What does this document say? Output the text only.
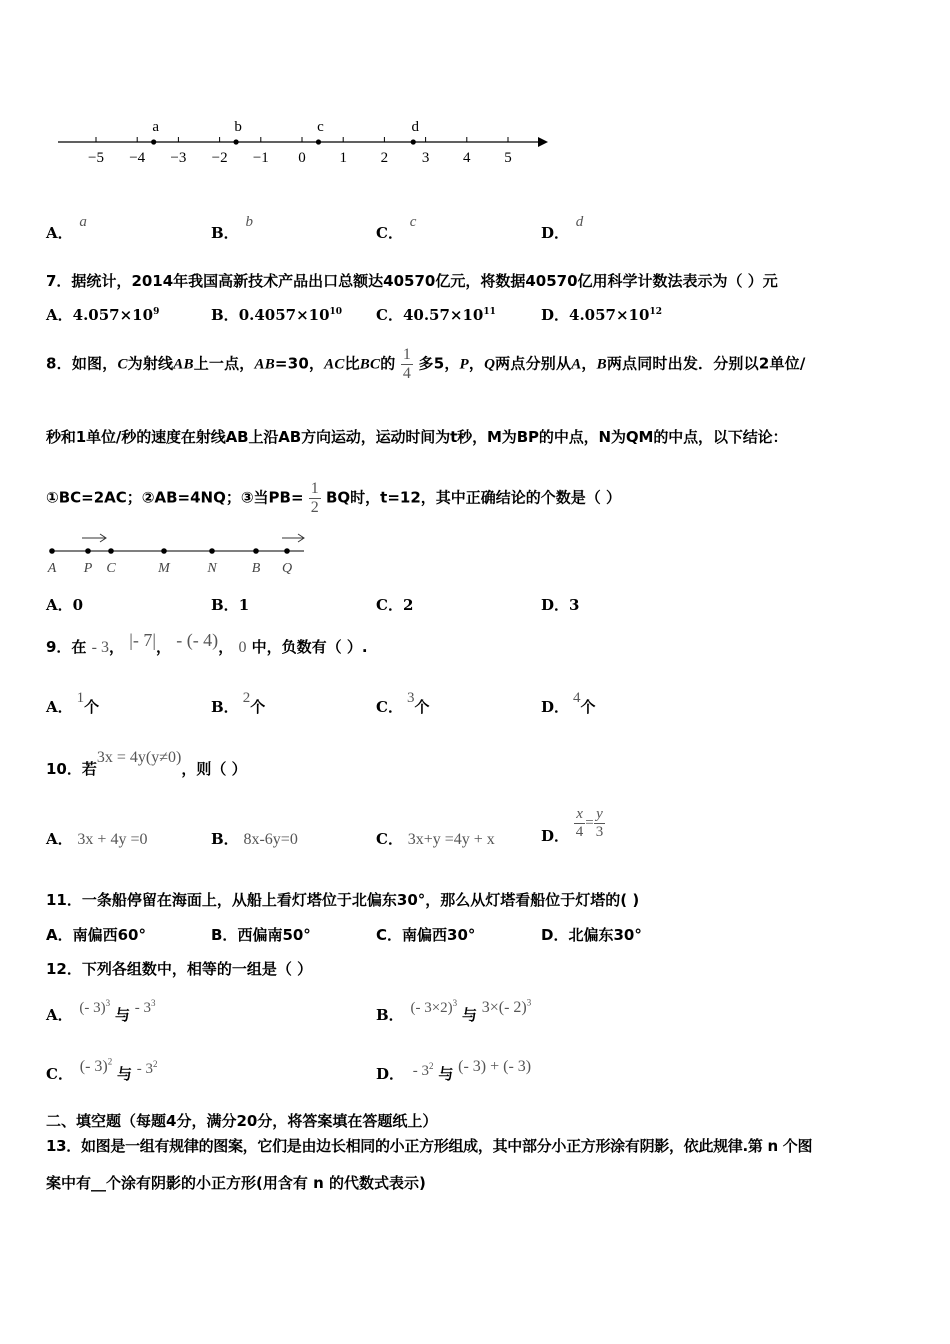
−5 −4 −3 −2 −1 0 1 2 3 4 5
a	b	c	d
A． a
B． b
C． c
D． d
7．据统计，2014年我国高新技术产品出口总额达40570亿元，将数据40570亿用科学计数法表示为（ ）元
A．$4.057\times 10^9$	B．$0.4057\times 10^{10}$ C．$40.57\times 10^{11}$	D．$4.057\times 10^{12}$
8．如图，C为射线AB上一点，AB=30，AC比BC的 $\frac{1}{4}$ 多5，P，Q两点分别从A，B两点同时出发．分别以2单位/
秒和1单位/秒的速度在射线AB上沿AB方向运动，运动时间为t秒，M为BP的中点，N为QM的中点，以下结论：
①BC=2AC；②AB=4NQ；③当$PB= \frac{1}{2}$ BQ时，t=12，其中正确结论的个数是（ ）
A P C	M	N	B Q
A．0	B．1	C．2	D．3
9．在 - 3， |- 7|， - (- 4)， 0 中，负数有（ ）.
A． 1个	B． 2个	C． 3个	D． 4个
10．若3x = 4y(y≠0)，则（ ）
A． 3x + 4y =0	B． 8x-6y=0	C． 3x+y =4y + x	D． $\frac{x}{4} = \frac{y}{3}$
11．一条船停留在海面上，从船上看灯塔位于北偏东30°，那么从灯塔看船位于灯塔的( )
A．南偏西60°	B．西偏南50°	C．南偏西30°	D．北偏东30°
12．下列各组数中，相等的一组是（ ）
A． (- 3)$^3$ 与 - $3^3$
B． (- 3×2)$^3$ 与 3×(- 2)$^3$
C． (- 3)$^2$ 与 - $3^2$
D． - $3^2$ 与 (- 3) + (- 3)
二、填空题（每题4分，满分20分，将答案填在答题纸上）
13．如图是一组有规律的图案，它们是由边长相同的小正方形组成，其中部分小正方形涂有阴影，依此规律.第 n 个图
案中有__个涂有阴影的小正方形(用含有 n 的代数式表示)
